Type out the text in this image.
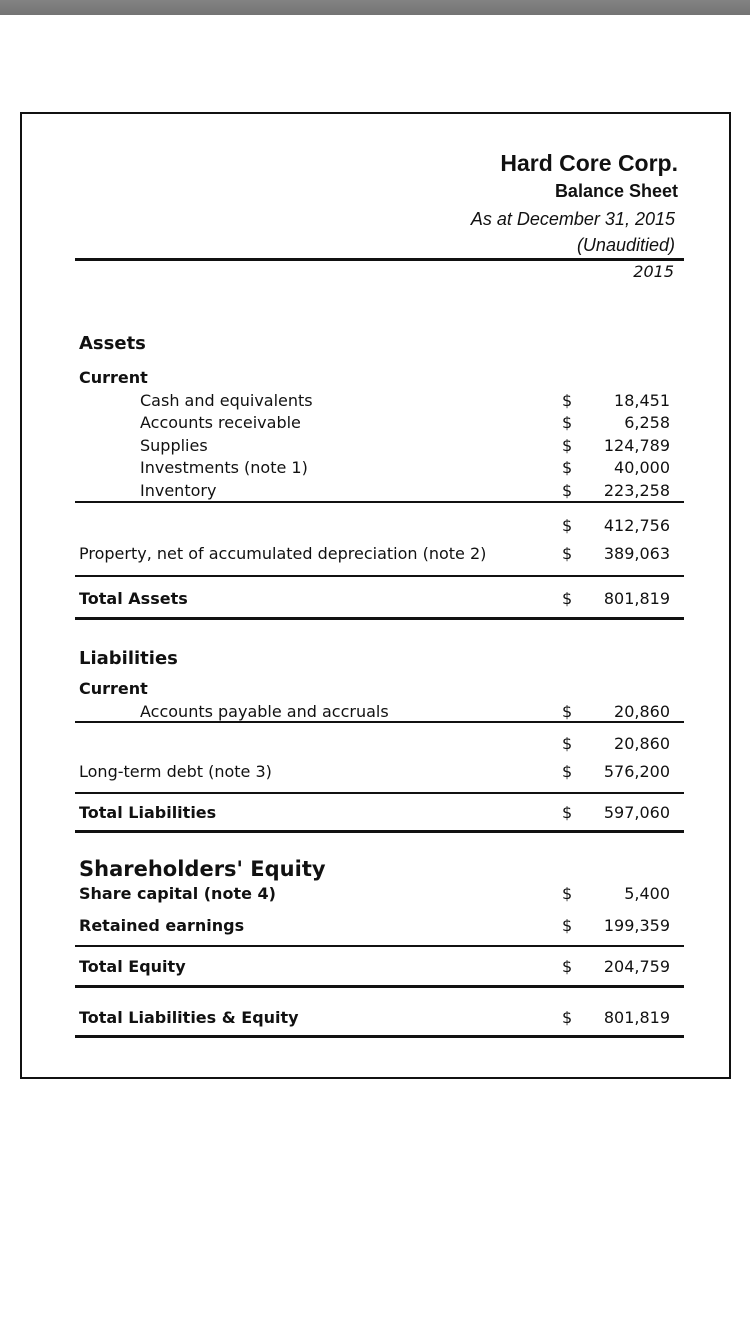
Hard Core Corp.
Balance Sheet
As at December 31, 2015
(Unauditied)
2015
Assets
Current
Cash and equivalents	$	18,451
Accounts receivable	$	6,258
Supplies	$	124,789
Investments (note 1)	$	40,000
Inventory	$	223,258
$	412,756
Property, net of accumulated depreciation (note 2)	$	389,063
Total Assets	$	801,819
Liabilities
Current
Accounts payable and accruals	$	20,860
$	20,860
Long-term debt (note 3)	$	576,200
Total Liabilities	$	597,060
Shareholders' Equity
Share capital (note 4)	$	5,400
Retained earnings	$	199,359
Total Equity	$	204,759
Total Liabilities & Equity	$	801,819
